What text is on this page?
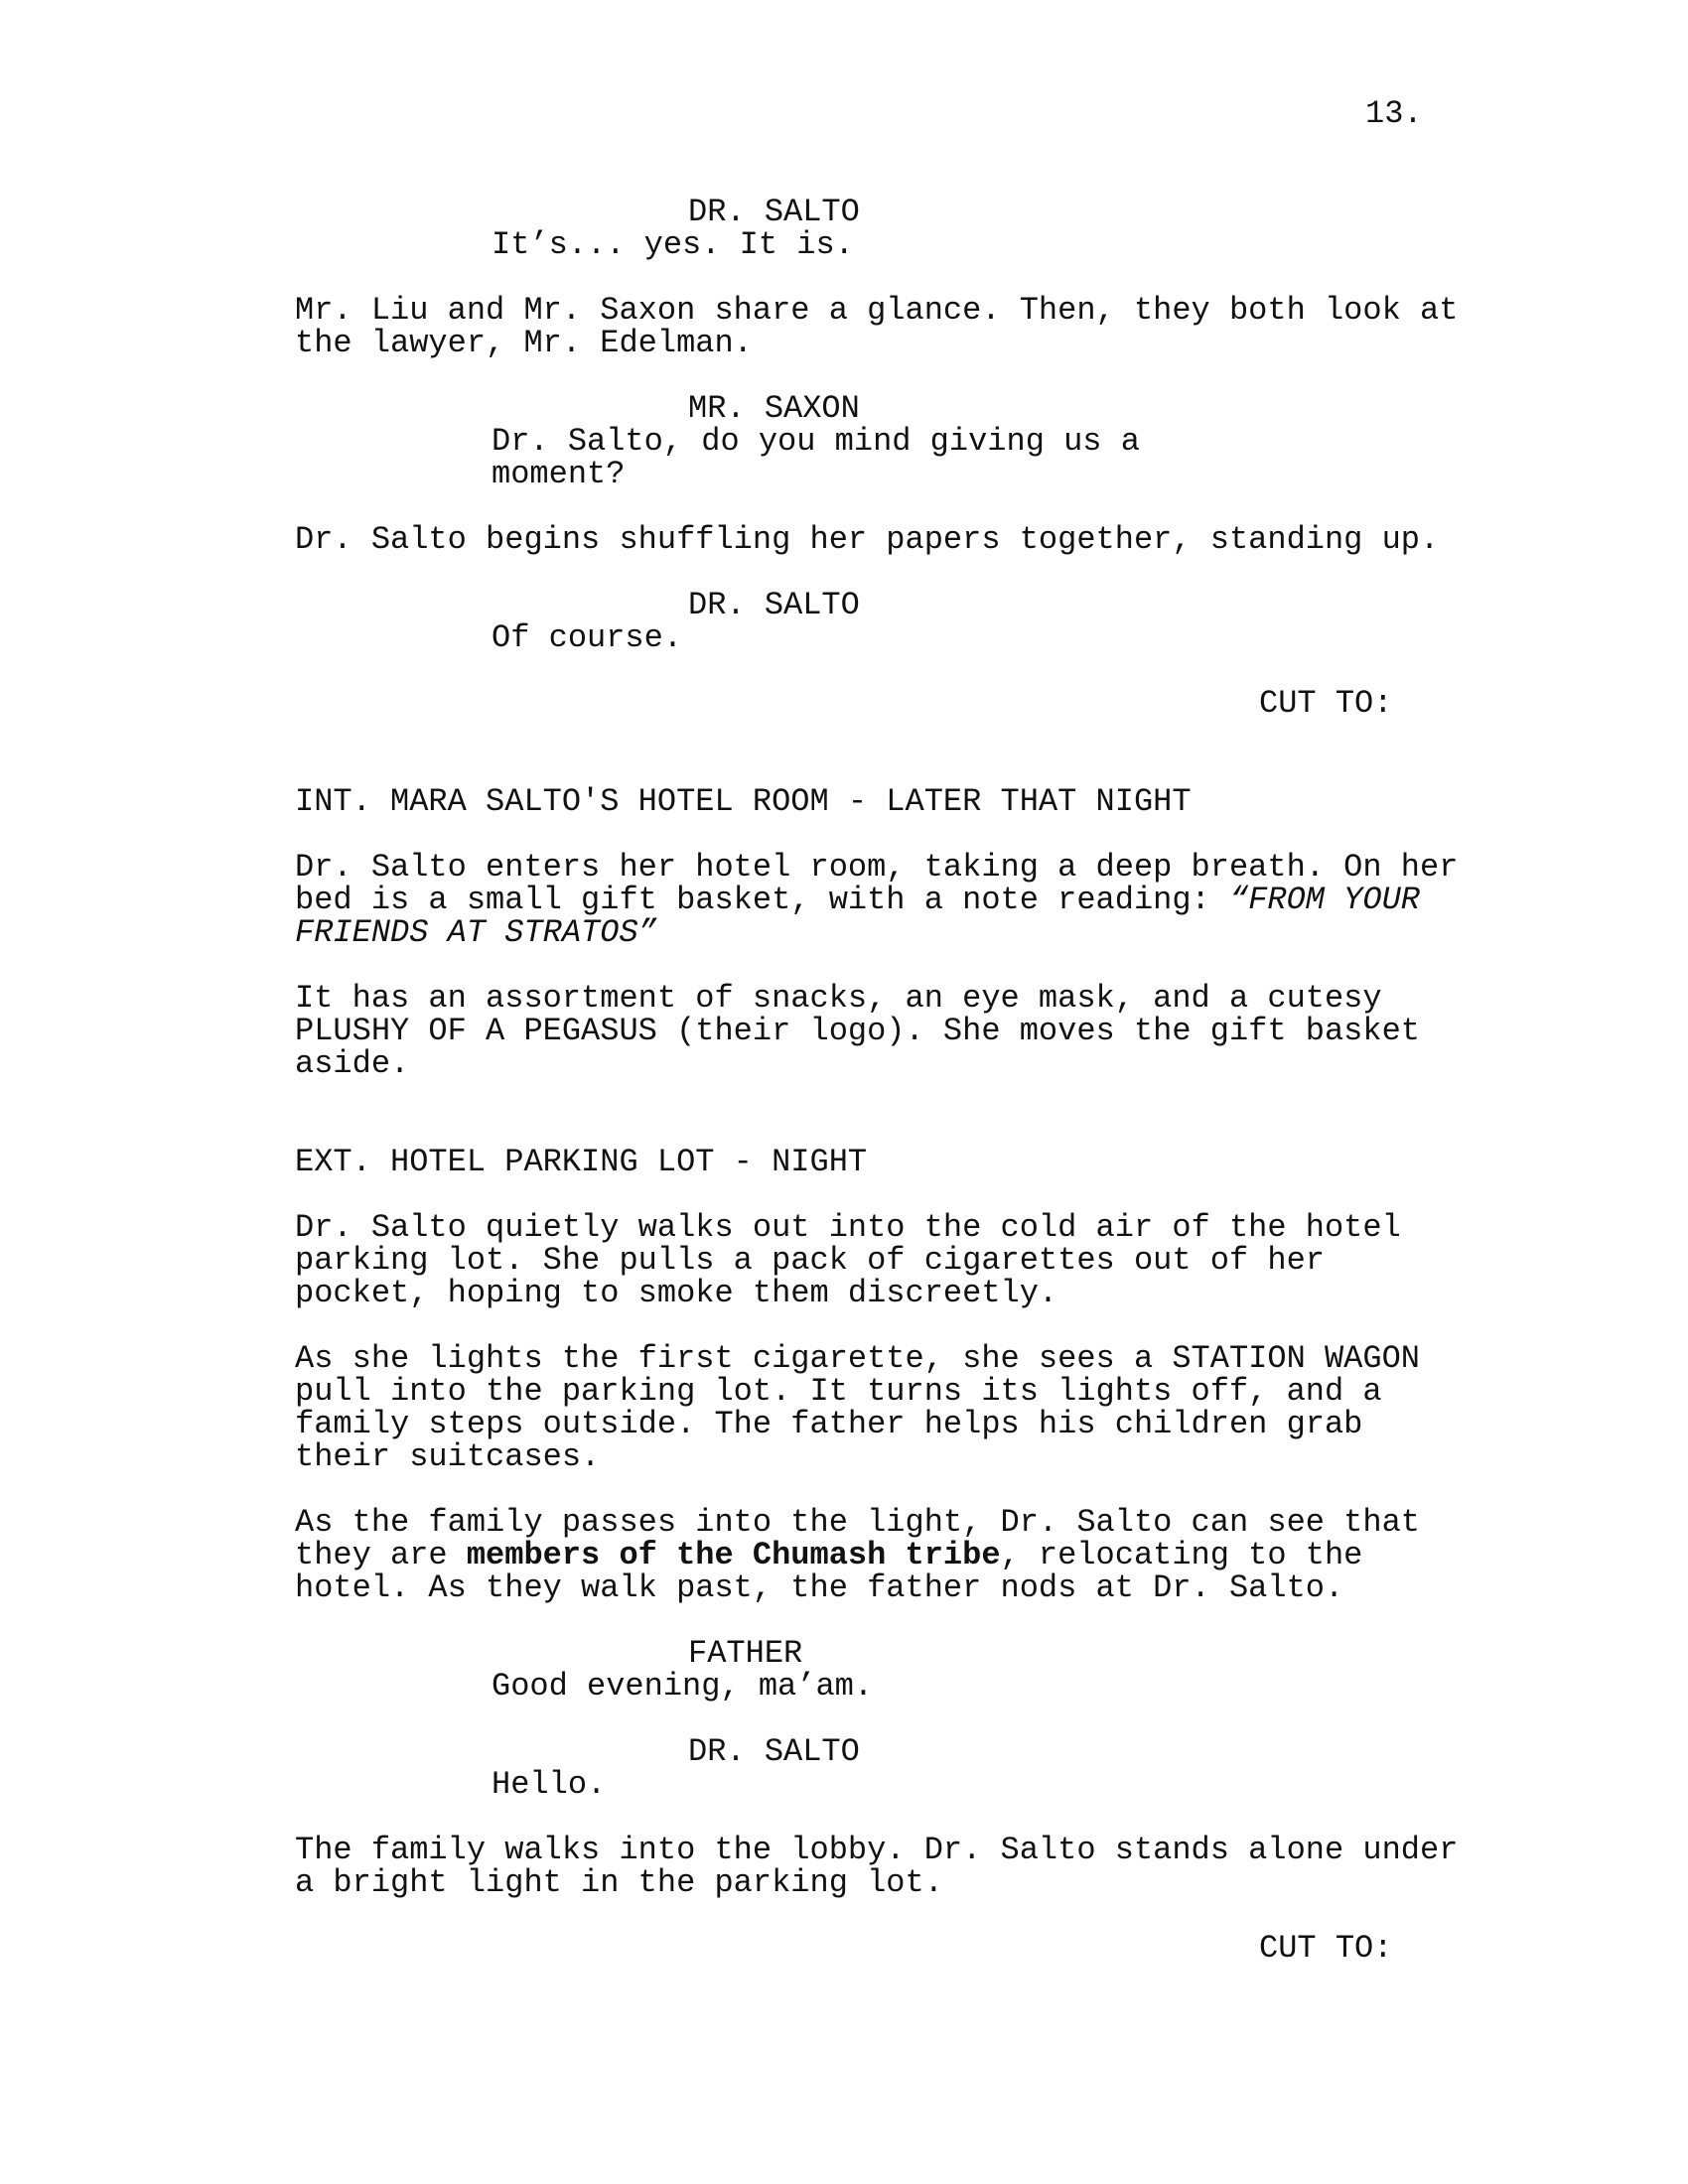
13.
DR. SALTO
It’s... yes. It is.
Mr. Liu and Mr. Saxon share a glance. Then, they both look at
the lawyer, Mr. Edelman.
MR. SAXON
Dr. Salto, do you mind giving us a
moment?
Dr. Salto begins shuffling her papers together, standing up.
DR. SALTO
Of course.
CUT TO:
INT. MARA SALTO'S HOTEL ROOM - LATER THAT NIGHT
Dr. Salto enters her hotel room, taking a deep breath. On her
bed is a small gift basket, with a note reading: “FROM YOUR
FRIENDS AT STRATOS”
It has an assortment of snacks, an eye mask, and a cutesy
PLUSHY OF A PEGASUS (their logo). She moves the gift basket
aside.
EXT. HOTEL PARKING LOT - NIGHT
Dr. Salto quietly walks out into the cold air of the hotel
parking lot. She pulls a pack of cigarettes out of her
pocket, hoping to smoke them discreetly.
As she lights the first cigarette, she sees a STATION WAGON
pull into the parking lot. It turns its lights off, and a
family steps outside. The father helps his children grab
their suitcases.
As the family passes into the light, Dr. Salto can see that
they are members of the Chumash tribe, relocating to the
hotel. As they walk past, the father nods at Dr. Salto.
FATHER
Good evening, ma’am.
DR. SALTO
Hello.
The family walks into the lobby. Dr. Salto stands alone under
a bright light in the parking lot.
CUT TO:
